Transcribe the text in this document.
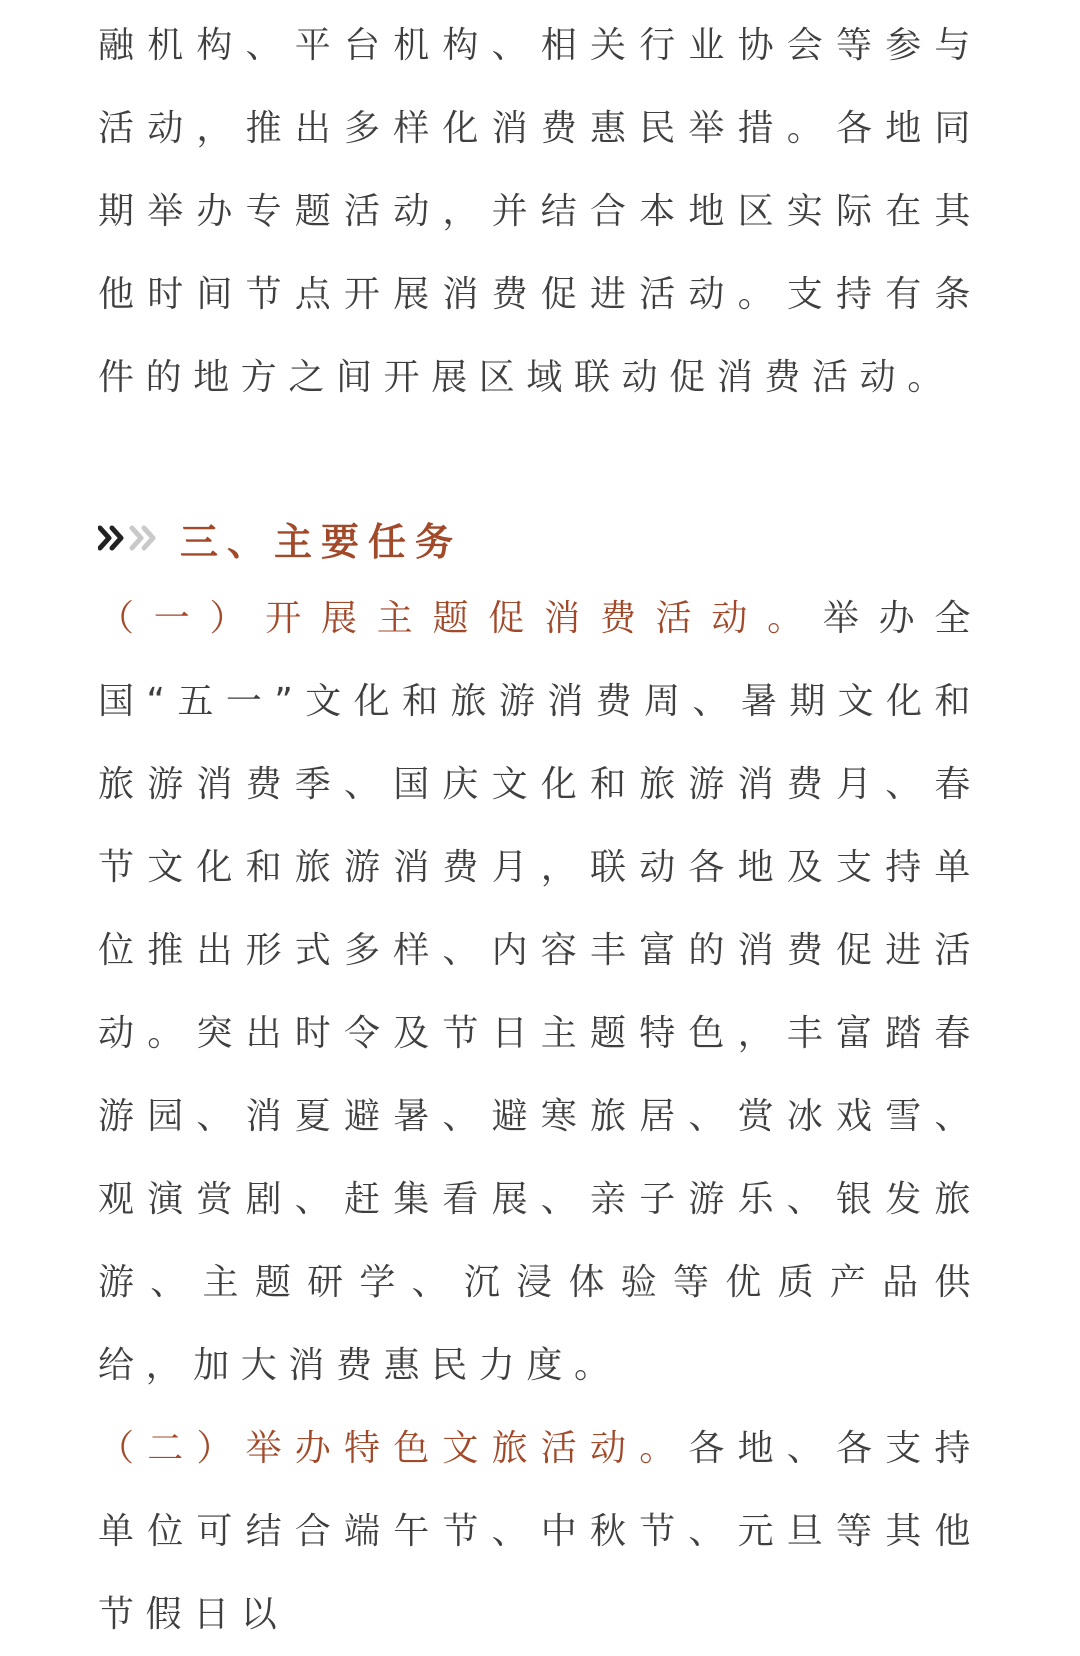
融机构、平台机构、相关行业协会等参与活动，推出多样化消费惠民举措。各地同期举办专题活动，并结合本地区实际在其他时间节点开展消费促进活动。支持有条件的地方之间开展区域联动促消费活动。

三、主要任务

（一）开展主题促消费活动。举办全国“五一”文化和旅游消费周、暑期文化和旅游消费季、国庆文化和旅游消费月、春节文化和旅游消费月，联动各地及支持单位推出形式多样、内容丰富的消费促进活动。突出时令及节日主题特色，丰富踏春游园、消夏避暑、避寒旅居、赏冰戏雪、观演赏剧、赶集看展、亲子游乐、银发旅游、主题研学、沉浸体验等优质产品供给，加大消费惠民力度。

（二）举办特色文旅活动。各地、各支持单位可结合端午节、中秋节、元旦等其他节假日以
